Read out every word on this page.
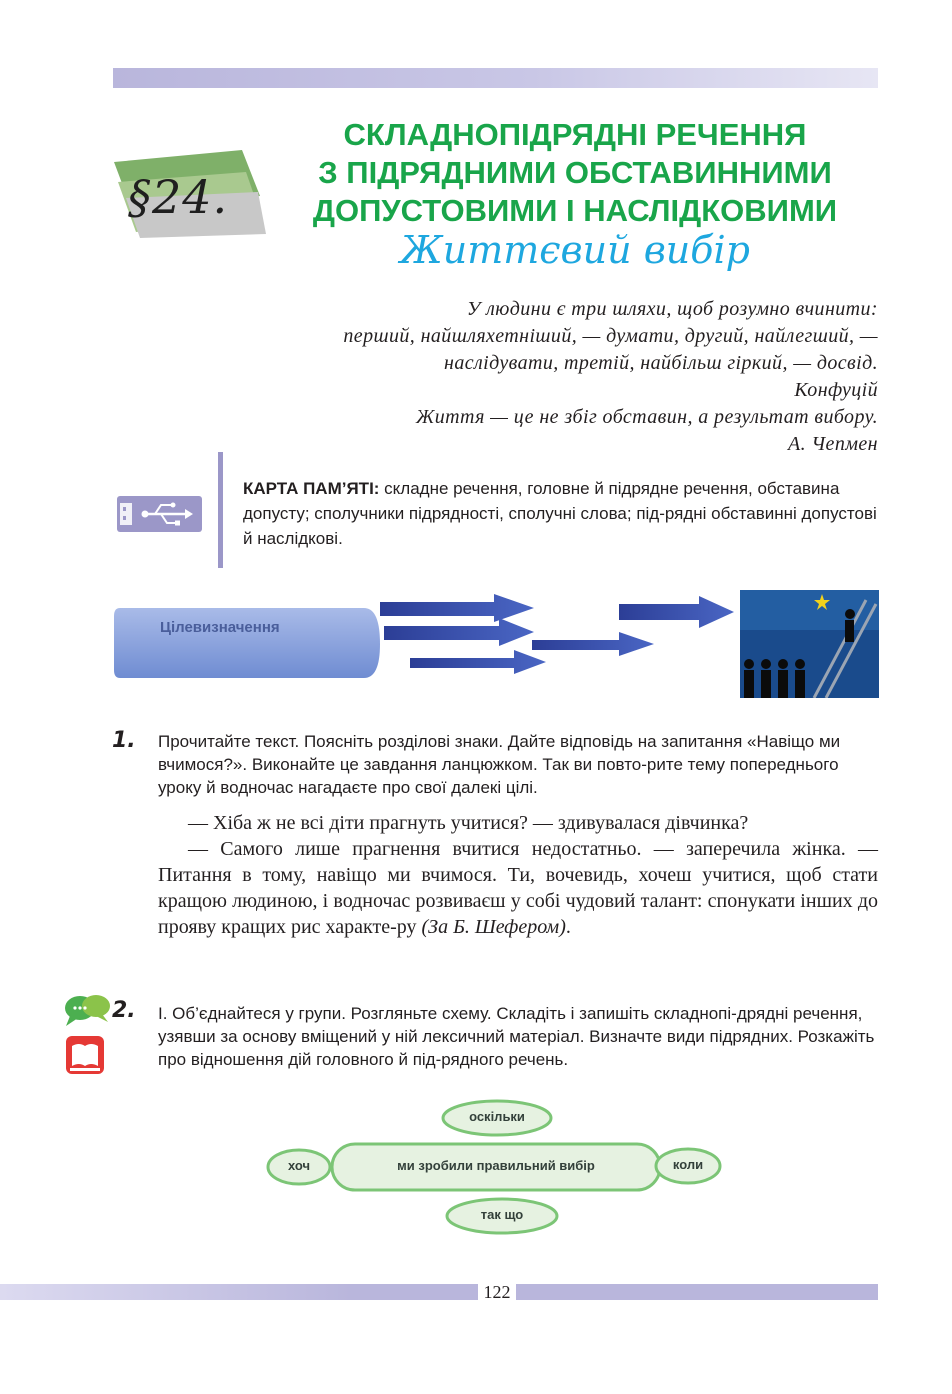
§24.
СКЛАДНОПІДРЯДНІ РЕЧЕННЯ
З ПІДРЯДНИМИ ОБСТАВИННИМИ
ДОПУСТОВИМИ І НАСЛІДКОВИМИ
Життєвий вибір
У людини є три шляхи, щоб розумно вчинити:
перший, найшляхетніший, — думати, другий, найлегший, —
наслідувати, третій, найбільш гіркий, — досвід.
Конфуцій
Життя — це не збіг обставин, а результат вибору.
А. Чепмен
КАРТА ПАМ’ЯТІ: складне речення, головне й підрядне речення, обставина допусту; сполучники підрядності, сполучні слова; під-рядні обставинні допустові й наслідкові.
Цілевизначення
1. Прочитайте текст. Поясніть розділові знаки. Дайте відповідь на запитання «Навіщо ми вчимося?». Виконайте це завдання ланцюжком. Так ви повто-рите тему попереднього уроку й водночас нагадаєте про свої далекі цілі.

— Хіба ж не всі діти прагнуть учитися? — здивувалася дівчинка?

— Самого лише прагнення вчитися недостатньо. — заперечила жінка. — Питання в тому, навіщо ми вчимося. Ти, вочевидь, хочеш учитися, щоб стати кращою людиною, і водночас розвиваєш у собі чудовий талант: спонукати інших до прояву кращих рис характе-ру (За Б. Шефером).

2. І. Об’єднайтеся у групи. Розгляньте схему. Складіть і запишіть складнопі-дрядні речення, узявши за основу вміщений у ній лексичний матеріал. Визначте види підрядних. Розкажіть про відношення дій головного й під-рядного речень.
оскільки
ми зробили правильний вибір
хоч	коли
так що
122
